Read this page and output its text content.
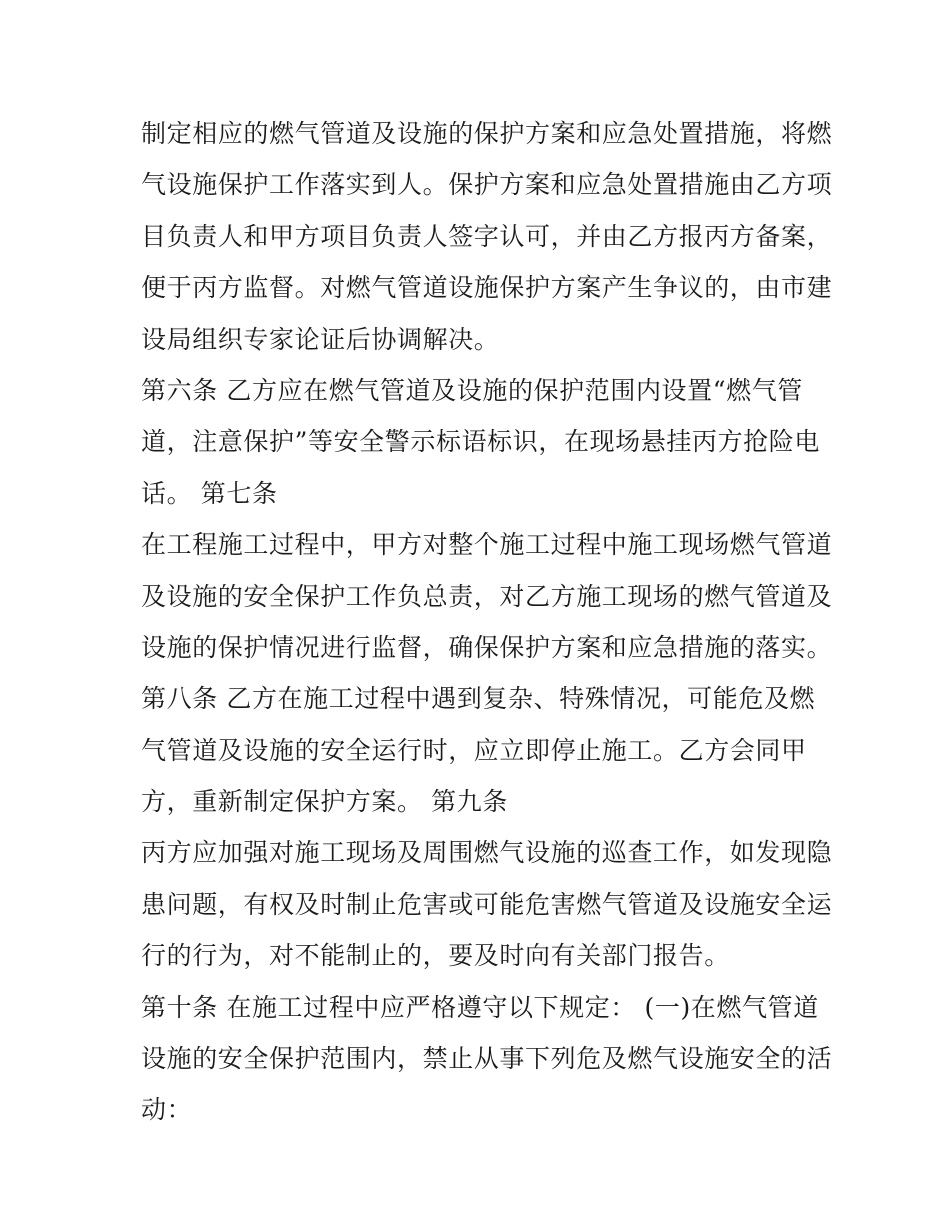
制定相应的燃气管道及设施的保护方案和应急处置措施，将燃
气设施保护工作落实到人。保护方案和应急处置措施由乙方项
目负责人和甲方项目负责人签字认可，并由乙方报丙方备案，
便于丙方监督。对燃气管道设施保护方案产生争议的，由市建
设局组织专家论证后协调解决。
第六条 乙方应在燃气管道及设施的保护范围内设置“燃气管
道，注意保护”等安全警示标语标识，在现场悬挂丙方抢险电
话。 第七条
在工程施工过程中，甲方对整个施工过程中施工现场燃气管道
及设施的安全保护工作负总责，对乙方施工现场的燃气管道及
设施的保护情况进行监督，确保保护方案和应急措施的落实。
第八条 乙方在施工过程中遇到复杂、特殊情况，可能危及燃
气管道及设施的安全运行时，应立即停止施工。乙方会同甲
方，重新制定保护方案。 第九条
丙方应加强对施工现场及周围燃气设施的巡查工作，如发现隐
患问题，有权及时制止危害或可能危害燃气管道及设施安全运
行的行为，对不能制止的，要及时向有关部门报告。
第十条 在施工过程中应严格遵守以下规定： (一)在燃气管道
设施的安全保护范围内，禁止从事下列危及燃气设施安全的活
动：
